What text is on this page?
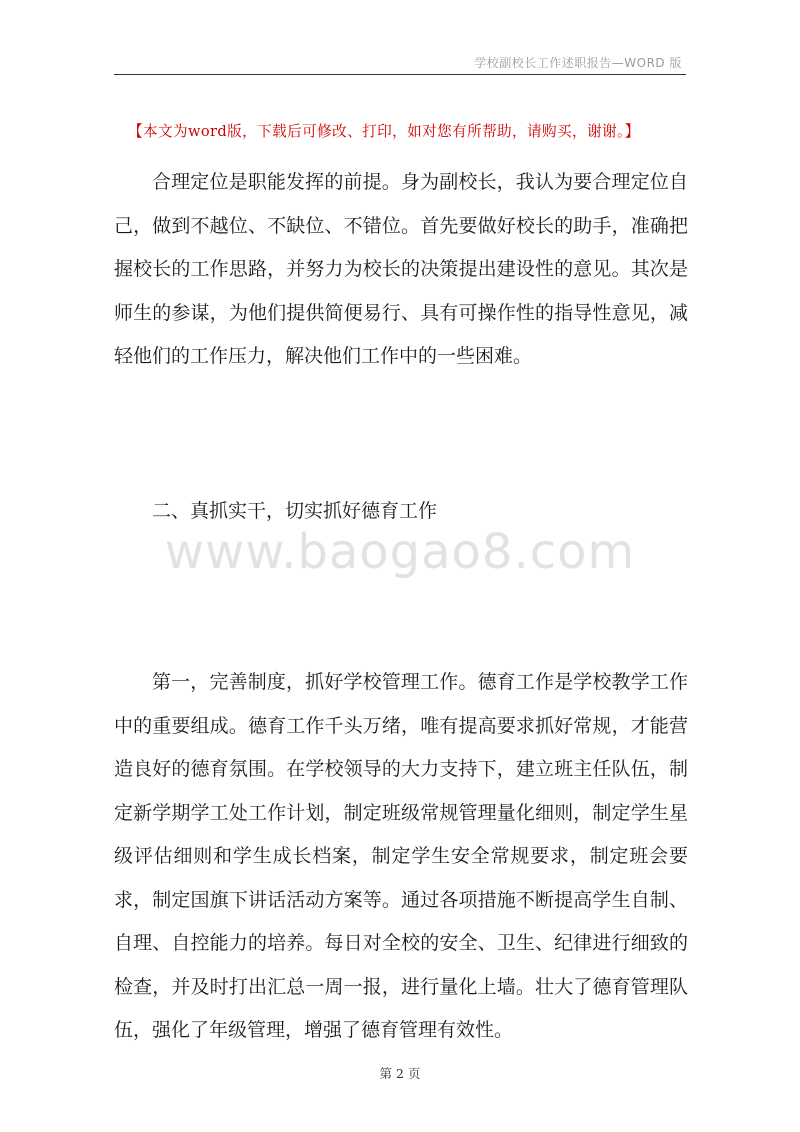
学校副校长工作述职报告—WORD 版
【本文为word版，下载后可修改、打印，如对您有所帮助，请购买，谢谢。】

合理定位是职能发挥的前提。身为副校长，我认为要合理定位自己，做到不越位、不缺位、不错位。首先要做好校长的助手，准确把握校长的工作思路，并努力为校长的决策提出建设性的意见。其次是师生的参谋，为他们提供简便易行、具有可操作性的指导性意见，减轻他们的工作压力，解决他们工作中的一些困难。

二、真抓实干，切实抓好德育工作
www.baogao8.com

第一，完善制度，抓好学校管理工作。德育工作是学校教学工作中的重要组成。德育工作千头万绪，唯有提高要求抓好常规，才能营造良好的德育氛围。在学校领导的大力支持下，建立班主任队伍，制定新学期学工处工作计划，制定班级常规管理量化细则，制定学生星级评估细则和学生成长档案，制定学生安全常规要求，制定班会要求，制定国旗下讲话活动方案等。通过各项措施不断提高学生自制、自理、自控能力的培养。每日对全校的安全、卫生、纪律进行细致的检查，并及时打出汇总一周一报，进行量化上墙。壮大了德育管理队伍，强化了年级管理，增强了德育管理有效性。

第 2 页
